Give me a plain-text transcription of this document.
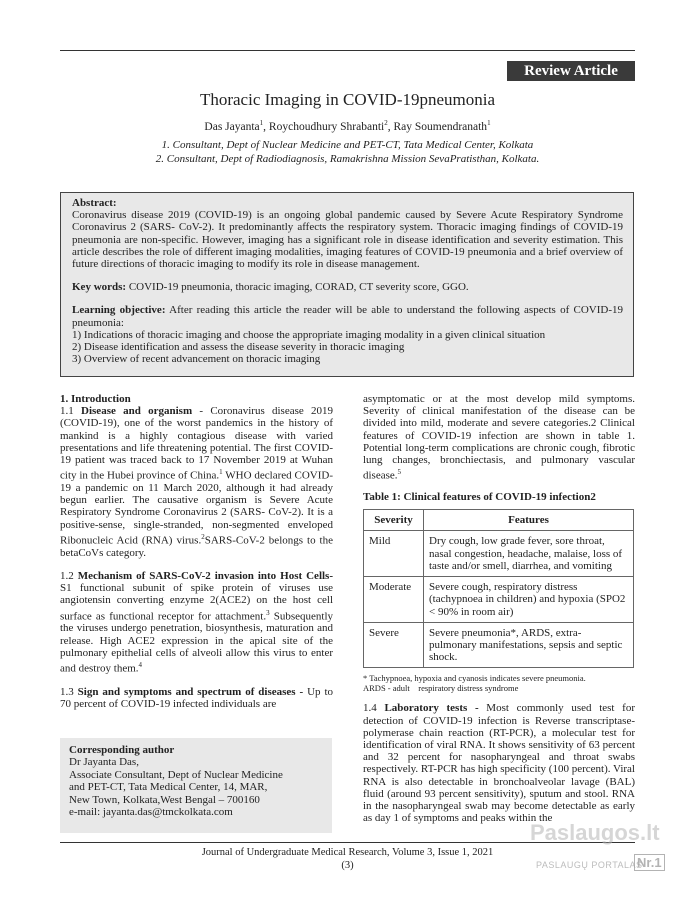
Review Article
Thoracic Imaging in COVID-19pneumonia
Das Jayanta$^1$, Roychoudhury Shrabanti$^2$, Ray Soumendranath$^1$
1. Consultant, Dept of Nuclear Medicine and PET-CT, Tata Medical Center, Kolkata
2. Consultant, Dept of Radiodiagnosis, Ramakrishna Mission SevaPratisthan, Kolkata.

Abstract:

Coronavirus disease 2019 (COVID-19) is an ongoing global pandemic caused by Severe Acute Respiratory Syndrome Coronavirus 2 (SARS- CoV-2). It predominantly affects the respiratory system. Thoracic imaging findings of COVID-19 pneumonia are non-specific. However, imaging has a significant role in disease identification and severity estimation. This article describes the role of different imaging modalities, imaging features of COVID-19 pneumonia and a brief overview of future directions of thoracic imaging to modify its role in disease management.

Key words: COVID-19 pneumonia, thoracic imaging, CORAD, CT severity score, GGO.

Learning objective: After reading this article the reader will be able to understand the following aspects of COVID-19 pneumonia:

1) Indications of thoracic imaging and choose the appropriate imaging modality in a given clinical situation

2) Disease identification and assess the disease severity in thoracic imaging

3) Overview of recent advancement on thoracic imaging

1. Introduction

1.1 Disease and organism - Coronavirus disease 2019 (COVID-19), one of the worst pandemics in the history of mankind is a highly contagious disease with varied presentations and life threatening potential. The first COVID-19 patient was traced back to 17 November 2019 at Wuhan city in the Hubei province of China.$^1$ WHO declared COVID-19 a pandemic on 11 March 2020, although it had already begun earlier. The causative organism is Severe Acute Respiratory Syndrome Coronavirus 2 (SARS- CoV-2). It is a positive-sense, single-stranded, non-segmented enveloped Ribonucleic Acid (RNA) virus.$^2$SARS-CoV-2 belongs to the betaCoVs category.

1.2 Mechanism of SARS-CoV-2 invasion into Host Cells- S1 functional subunit of spike protein of viruses use angiotensin converting enzyme 2(ACE2) on the host cell surface as functional receptor for attachment.$^3$ Subsequently the viruses undergo penetration, biosynthesis, maturation and release. High ACE2 expression in the apical site of the pulmonary epithelial cells of alveoli allow this virus to enter and destroy them.$^4$

1.3 Sign and symptoms and spectrum of diseases - Up to 70 percent of COVID-19 infected individuals are

Corresponding author
Dr Jayanta Das,
Associate Consultant, Dept of Nuclear Medicine
and PET-CT, Tata Medical Center, 14, MAR,
New Town, Kolkata,West Bengal – 700160
e-mail: jayanta.das@tmckolkata.com

asymptomatic or at the most develop mild symptoms. Severity of clinical manifestation of the disease can be divided into mild, moderate and severe categories.2 Clinical features of COVID-19 infection are shown in table 1. Potential long-term complications are chronic cough, fibrotic lung changes, bronchiectasis, and pulmonary vascular disease.$^5$

Table 1: Clinical features of COVID-19 infection2

Severity	Features
Mild	Dry cough, low grade fever, sore throat, nasal congestion, headache, malaise, loss of taste and/or smell, diarrhea, and vomiting
Moderate	Severe cough, respiratory distress (tachypnoea in children) and hypoxia (SPO2 < 90% in room air)
Severe	Severe pneumonia*, ARDS, extra-pulmonary manifestations, sepsis and septic shock.
* Tachypnoea, hypoxia and cyanosis indicates severe pneumonia.
ARDS - adult    respiratory distress syndrome

1.4 Laboratory tests - Most commonly used test for detection of COVID-19 infection is Reverse transcriptase-polymerase chain reaction (RT-PCR), a molecular test for identification of viral RNA. It shows sensitivity of 63 percent and 32 percent for nasopharyngeal and throat swabs respectively. RT-PCR has high specificity (100 percent). Viral RNA is also detectable in bronchoalveolar lavage (BAL) fluid (around 93 percent sensitivity), sputum and stool. RNA in the nasopharyngeal swab may become detectable as early as day 1 of symptoms and peaks within the

Journal of Undergraduate Medical Research, Volume 3, Issue 1, 2021
(3)
Paslaugos.lt
PASLAUGŲ PORTALAS
Nr.1
